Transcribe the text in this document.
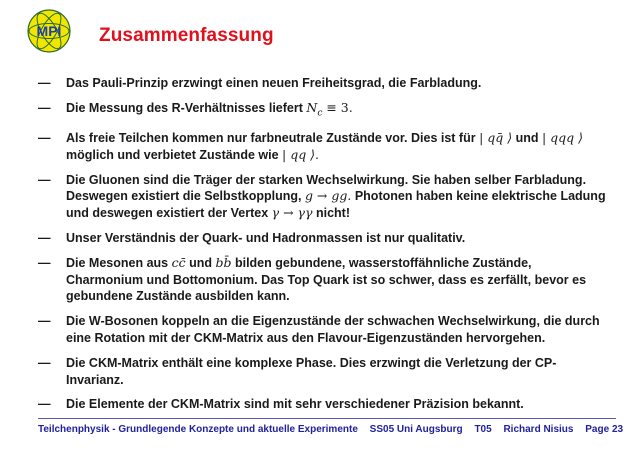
MPI Zusammenfassung
—	Das Pauli-Prinzip erzwingt einen neuen Freiheitsgrad, die Farbladung.
—	Die Messung des R-Verhältnisses liefert $N_c \equiv 3$.
—	Als freie Teilchen kommen nur farbneutrale Zustände vor. Dies ist für | qq̄ ⟩ und | qqq ⟩ möglich und verbietet Zustände wie | qq ⟩.
—	Die Gluonen sind die Träger der starken Wechselwirkung. Sie haben selber Farbladung. Deswegen existiert die Selbstkopplung, g → gg. Photonen haben keine elektrische Ladung und deswegen existiert der Vertex γ → γγ nicht!
—	Unser Verständnis der Quark- und Hadronmassen ist nur qualitativ.
—	Die Mesonen aus cc̄ und bb̄ bilden gebundene, wasserstoffähnliche Zustände, Charmonium und Bottomonium. Das Top Quark ist so schwer, dass es zerfällt, bevor es gebundene Zustände ausbilden kann.
—	Die W-Bosonen koppeln an die Eigenzustände der schwachen Wechselwirkung, die durch eine Rotation mit der CKM-Matrix aus den Flavour-Eigenzuständen hervorgehen.
—	Die CKM-Matrix enthält eine komplexe Phase. Dies erzwingt die Verletzung der CP-Invarianz.
—	Die Elemente der CKM-Matrix sind mit sehr verschiedener Präzision bekannt.
Teilchenphysik - Grundlegende Konzepte und aktuelle Experimente SS05 Uni Augsburg T05 Richard Nisius Page 23
